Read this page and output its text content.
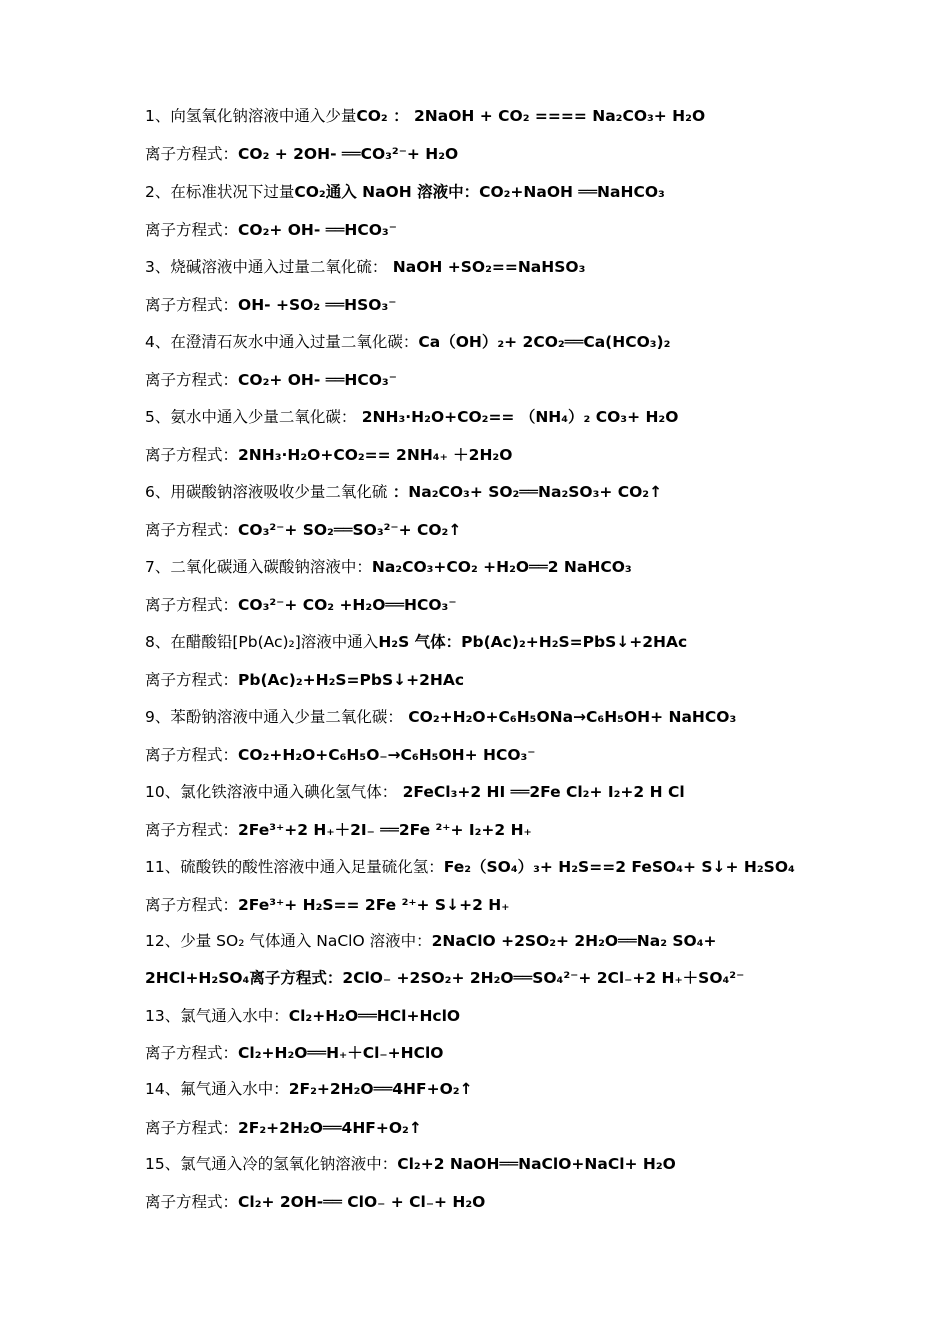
1、向氢氧化钠溶液中通入少量CO₂ ： 2NaOH + CO₂ ==== Na₂CO₃+ H₂O
离子方程式：CO₂ + 2OH- ══CO₃²⁻+ H₂O
2、在标准状况下过量CO₂通入 NaOH 溶液中：CO₂+NaOH ══NaHCO₃
离子方程式：CO₂+ OH- ══HCO₃⁻
3、烧碱溶液中通入过量二氧化硫： NaOH +SO₂==NaHSO₃
离子方程式：OH- +SO₂ ══HSO₃⁻
4、在澄清石灰水中通入过量二氧化碳：Ca（OH）₂+ 2CO₂══Ca(HCO₃)₂
离子方程式：CO₂+ OH- ══HCO₃⁻
5、氨水中通入少量二氧化碳： 2NH₃·H₂O+CO₂== （NH₄）₂ CO₃+ H₂O
离子方程式：2NH₃·H₂O+CO₂== 2NH₄₊ ＋2H₂O
6、用碳酸钠溶液吸收少量二氧化硫 ：Na₂CO₃+ SO₂══Na₂SO₃+ CO₂↑
离子方程式：CO₃²⁻+ SO₂══SO₃²⁻+ CO₂↑
7、二氧化碳通入碳酸钠溶液中：Na₂CO₃+CO₂ +H₂O══2 NaHCO₃
离子方程式：CO₃²⁻+ CO₂ +H₂O══HCO₃⁻
8、在醋酸铅[Pb(Ac)₂]溶液中通入H₂S 气体：Pb(Ac)₂+H₂S=PbS↓+2HAc
离子方程式：Pb(Ac)₂+H₂S=PbS↓+2HAc
9、苯酚钠溶液中通入少量二氧化碳： CO₂+H₂O+C₆H₅ONa→C₆H₅OH+ NaHCO₃
离子方程式：CO₂+H₂O+C₆H₅O₋→C₆H₅OH+ HCO₃⁻
10、氯化铁溶液中通入碘化氢气体： 2FeCl₃+2 HI ══2Fe Cl₂+ I₂+2 H Cl
离子方程式：2Fe³⁺+2 H₊＋2I₋ ══2Fe ²⁺+ I₂+2 H₊
11、硫酸铁的酸性溶液中通入足量硫化氢：Fe₂（SO₄）₃+ H₂S==2 FeSO₄+ S↓+ H₂SO₄
离子方程式：2Fe³⁺+ H₂S== 2Fe ²⁺+ S↓+2 H₊
12、少量 SO₂ 气体通入 NaClO 溶液中：2NaClO +2SO₂+ 2H₂O══Na₂ SO₄+ 2HCl+H₂SO₄离子方程式：2ClO₋ +2SO₂+ 2H₂O══SO₄²⁻+ 2Cl₋+2 H₊＋SO₄²⁻
13、氯气通入水中：Cl₂+H₂O══HCl+HclO
离子方程式：Cl₂+H₂O══H₊＋Cl₋+HClO
14、氟气通入水中：2F₂+2H₂O══4HF+O₂↑
离子方程式：2F₂+2H₂O══4HF+O₂↑
15、氯气通入冷的氢氧化钠溶液中：Cl₂+2 NaOH══NaClO+NaCl+ H₂O
离子方程式：Cl₂+ 2OH-══ ClO₋ + Cl₋+ H₂O
